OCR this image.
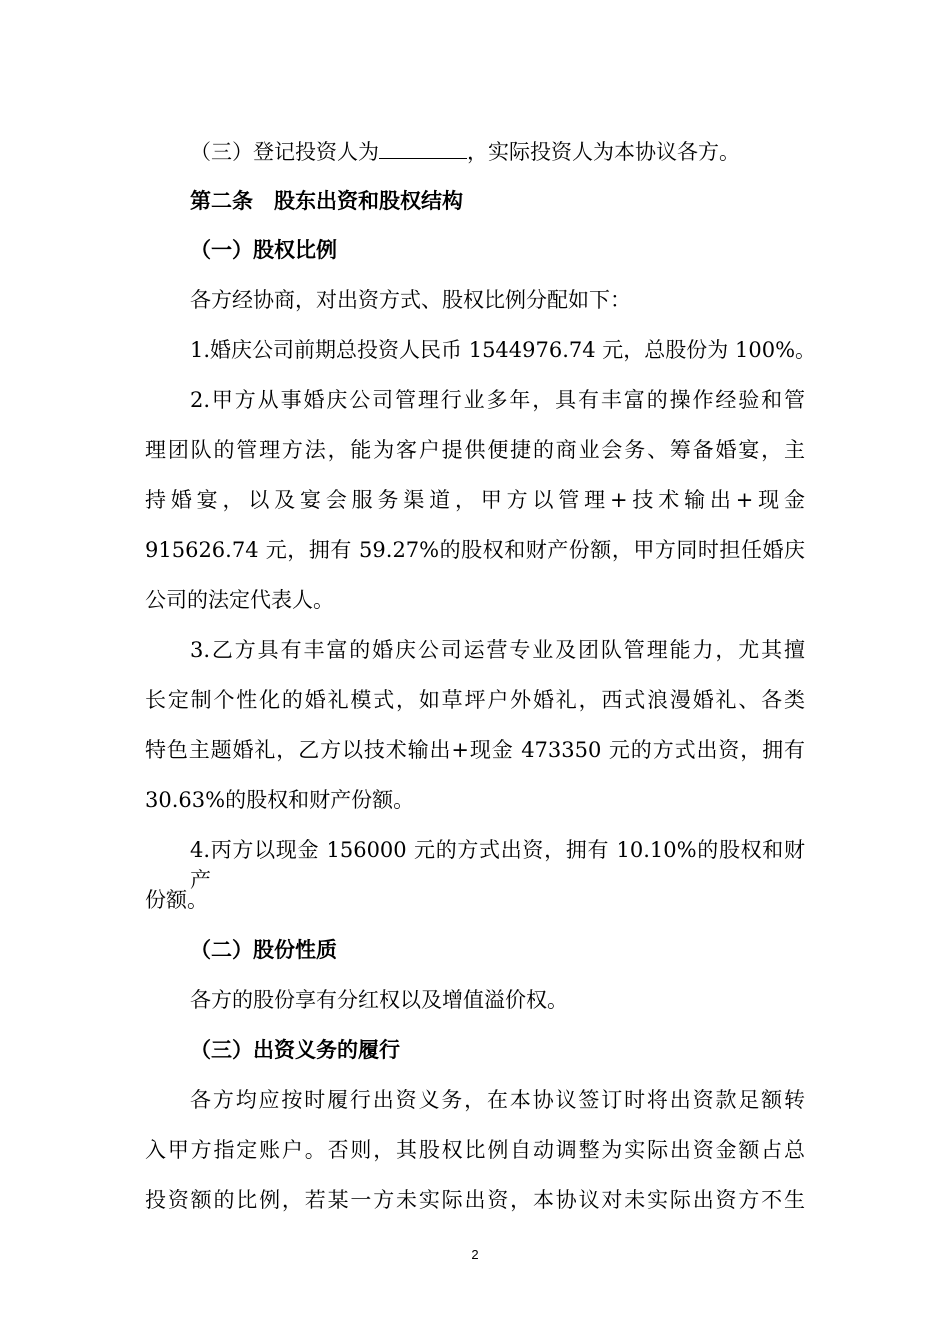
（三）登记投资人为	，实际投资人为本协议各方。
第二条　股东出资和股权结构
（一）股权比例
各方经协商，对出资方式、股权比例分配如下：
1.婚庆公司前期总投资人民币 1544976.74 元，总股份为 100%。
2.甲方从事婚庆公司管理行业多年，具有丰富的操作经验和管
理团队的管理方法，能为客户提供便捷的商业会务、筹备婚宴，主
持婚宴，以及宴会服务渠道，甲方以管理+技术输出+现金
915626.74 元，拥有 59.27%的股权和财产份额，甲方同时担任婚庆
公司的法定代表人。
3.乙方具有丰富的婚庆公司运营专业及团队管理能力，尤其擅
长定制个性化的婚礼模式，如草坪户外婚礼，西式浪漫婚礼、各类
特色主题婚礼，乙方以技术输出+现金 473350 元的方式出资，拥有
30.63%的股权和财产份额。
4.丙方以现金 156000 元的方式出资，拥有 10.10%的股权和财产
份额。
（二）股份性质
各方的股份享有分红权以及增值溢价权。
（三）出资义务的履行
各方均应按时履行出资义务，在本协议签订时将出资款足额转
入甲方指定账户。否则，其股权比例自动调整为实际出资金额占总
投资额的比例，若某一方未实际出资，本协议对未实际出资方不生
2
